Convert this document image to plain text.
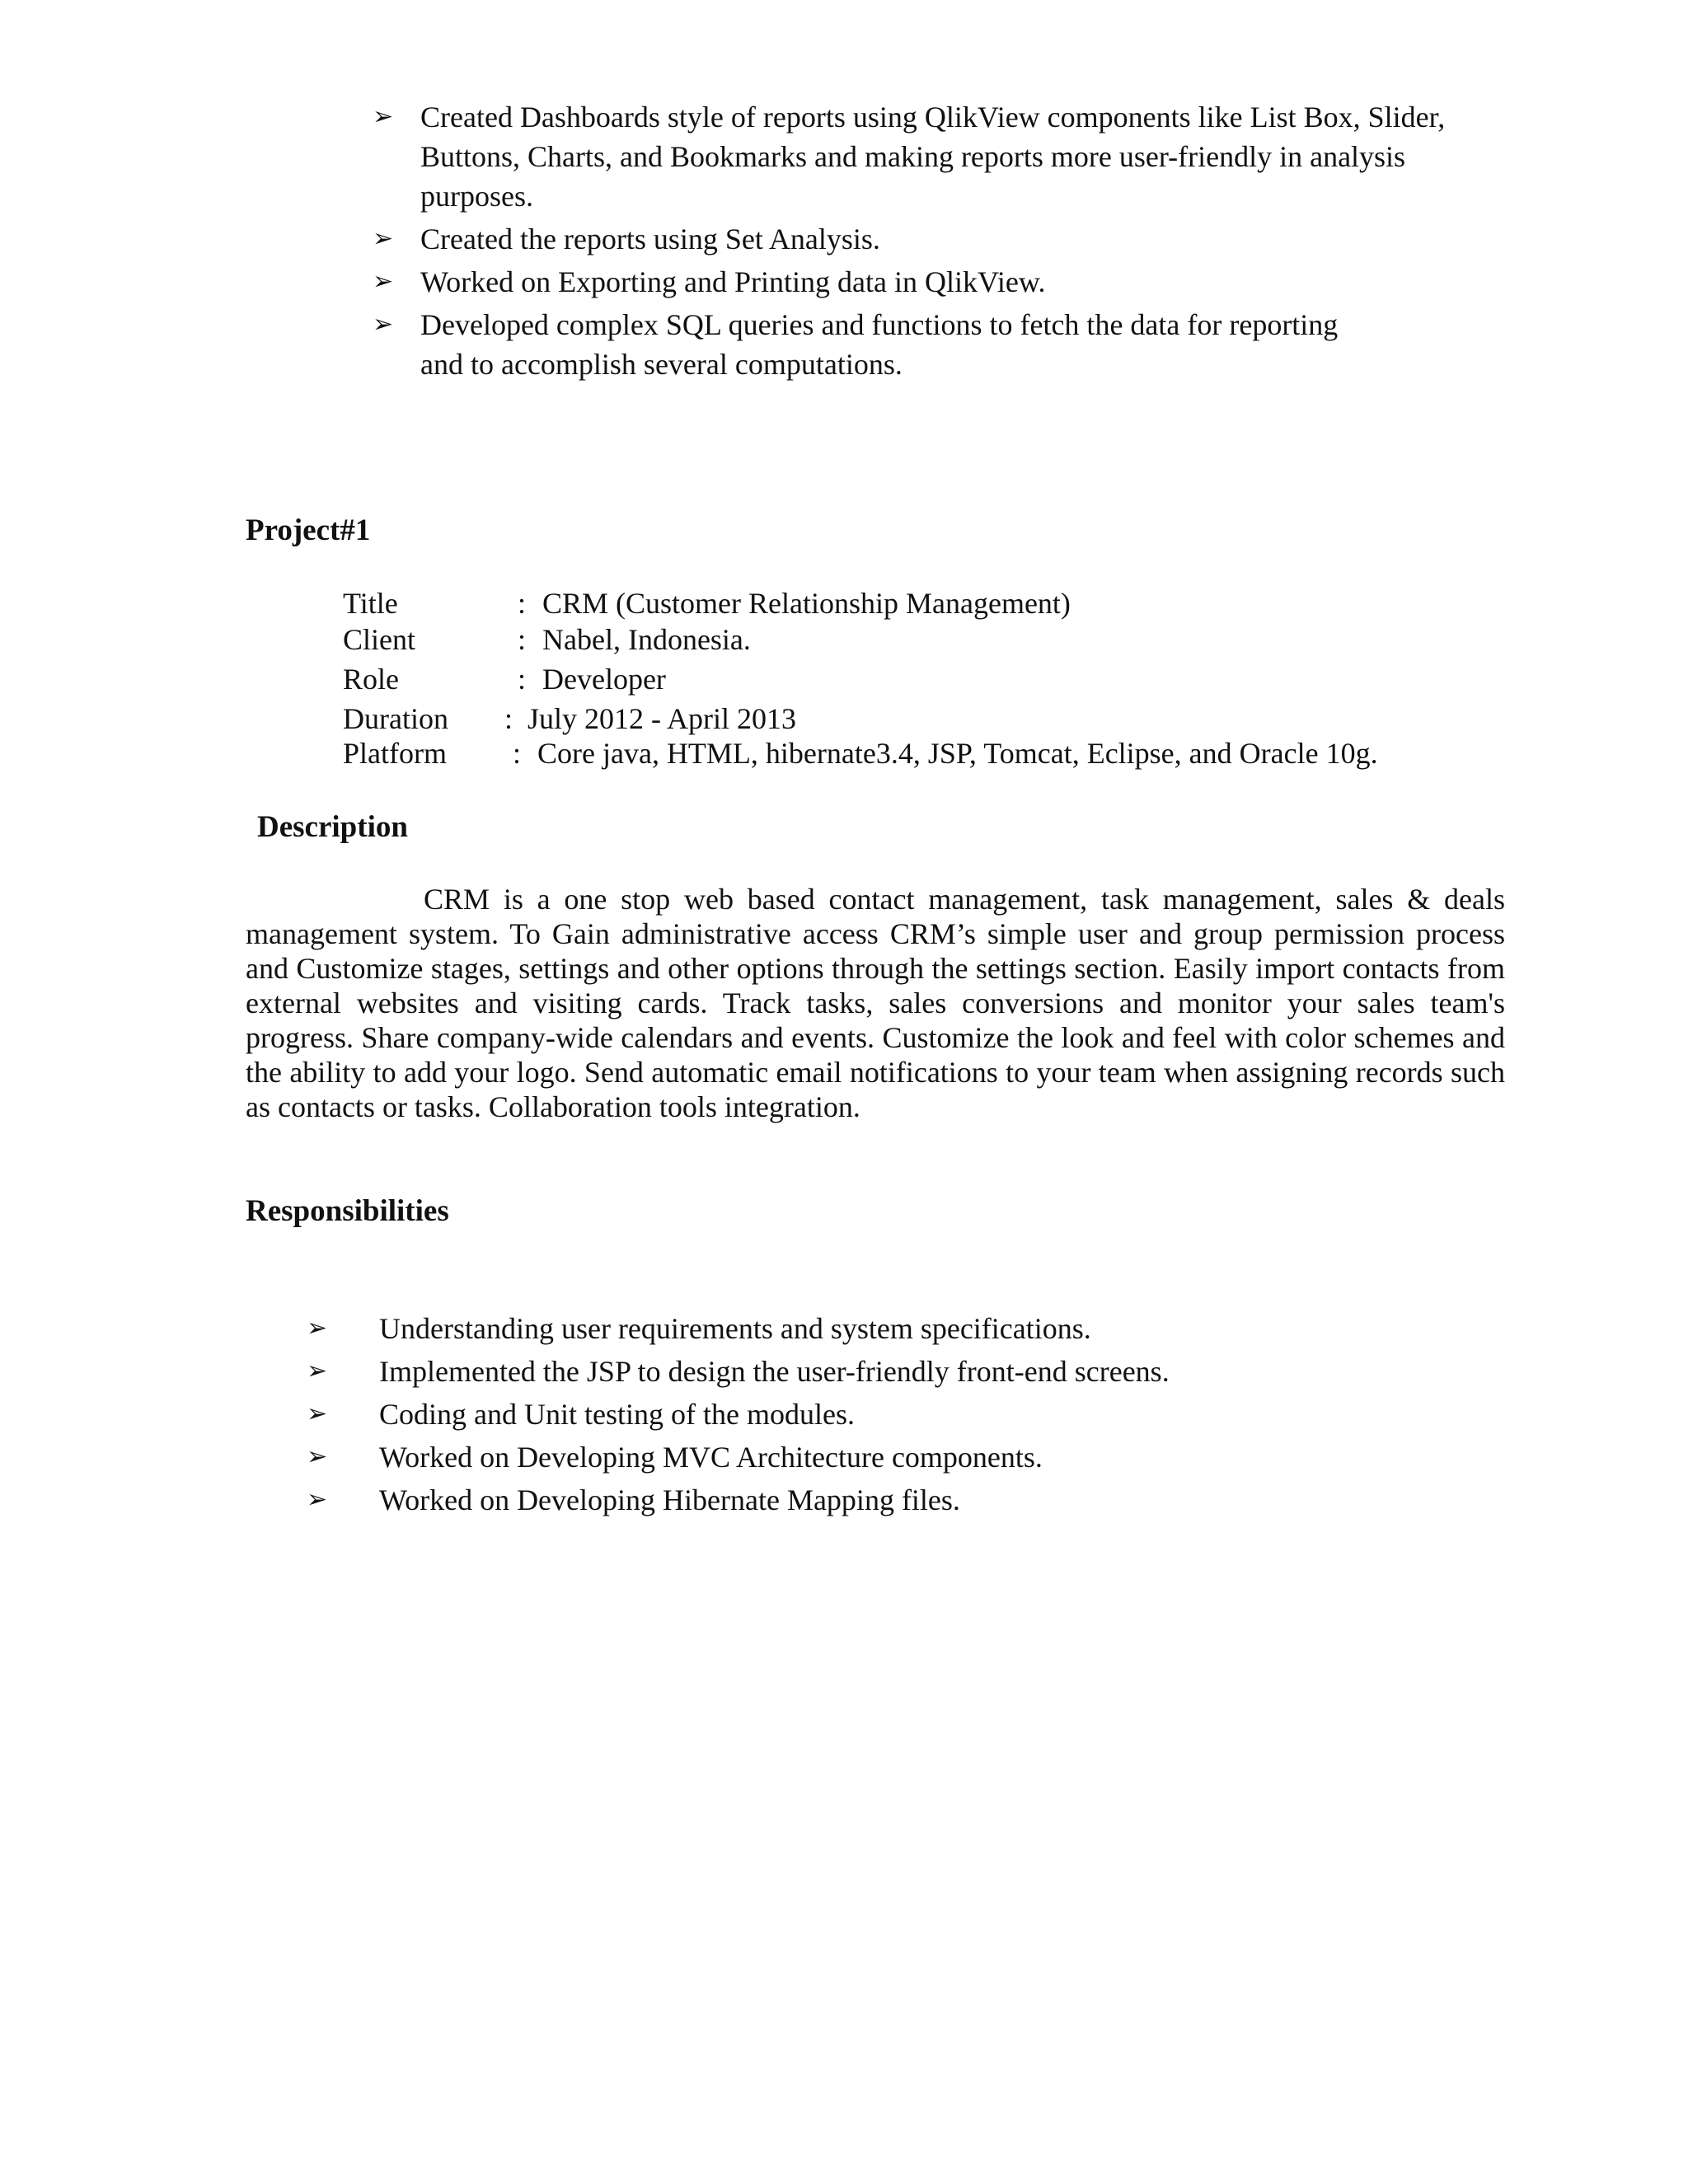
➢ Created Dashboards style of reports using QlikView components like List Box, Slider,
Buttons, Charts, and Bookmarks and making reports more user-friendly in analysis
purposes.
➢ Created the reports using Set Analysis.
➢ Worked on Exporting and Printing data in QlikView.
➢ Developed complex SQL queries and functions to fetch the data for reporting
and to accomplish several computations.
Project#1
Title	: CRM (Customer Relationship Management)
Client	: Nabel, Indonesia.
Role	: Developer
Duration : July 2012 - April 2013
Platform : Core java, HTML, hibernate3.4, JSP, Tomcat, Eclipse, and Oracle 10g.
Description

CRM is a one stop web based contact management, task management, sales & deals management system. To Gain administrative access CRM’s simple user and group permission process and Customize stages, settings and other options through the settings section. Easily import contacts from external websites and visiting cards. Track tasks, sales conversions and monitor your sales team's progress. Share company-wide calendars and events. Customize the look and feel with color schemes and the ability to add your logo. Send automatic email notifications to your team when assigning records such as contacts or tasks. Collaboration tools integration.

Responsibilities
➢ Understanding user requirements and system specifications.
➢ Implemented the JSP to design the user-friendly front-end screens.
➢ Coding and Unit testing of the modules.
➢ Worked on Developing MVC Architecture components.
➢ Worked on Developing Hibernate Mapping files.
